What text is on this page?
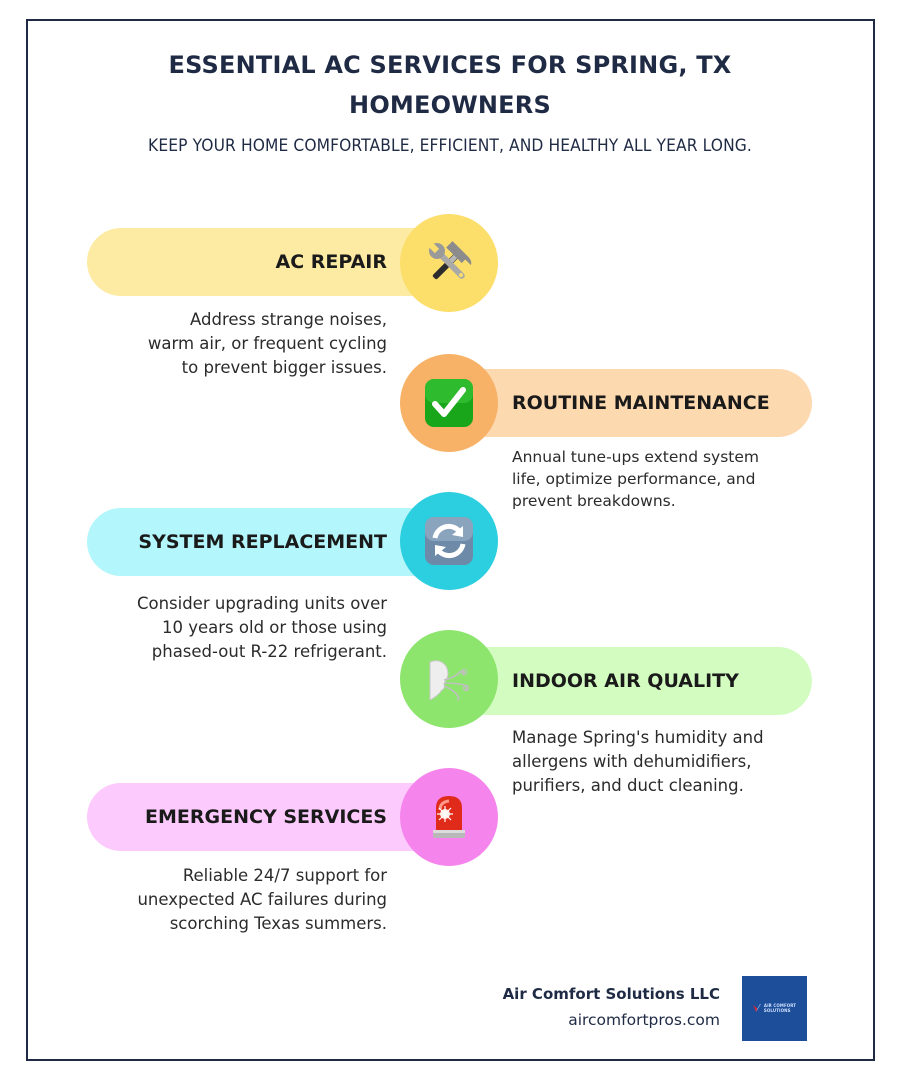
ESSENTIAL AC SERVICES FOR SPRING, TX
HOMEOWNERS
KEEP YOUR HOME COMFORTABLE, EFFICIENT, AND HEALTHY ALL YEAR LONG.
AC REPAIR
Address strange noises,
warm air, or frequent cycling
to prevent bigger issues.
ROUTINE MAINTENANCE
Annual tune-ups extend system
life, optimize performance, and
prevent breakdowns.
SYSTEM REPLACEMENT
Consider upgrading units over
10 years old or those using
phased-out R-22 refrigerant.
INDOOR AIR QUALITY
Manage Spring's humidity and
allergens with dehumidifiers,
purifiers, and duct cleaning.
EMERGENCY SERVICES
Reliable 24/7 support for
unexpected AC failures during
scorching Texas summers.
Air Comfort Solutions LLC
aircomfortpros.com
AIR COMFORT
SOLUTIONS
